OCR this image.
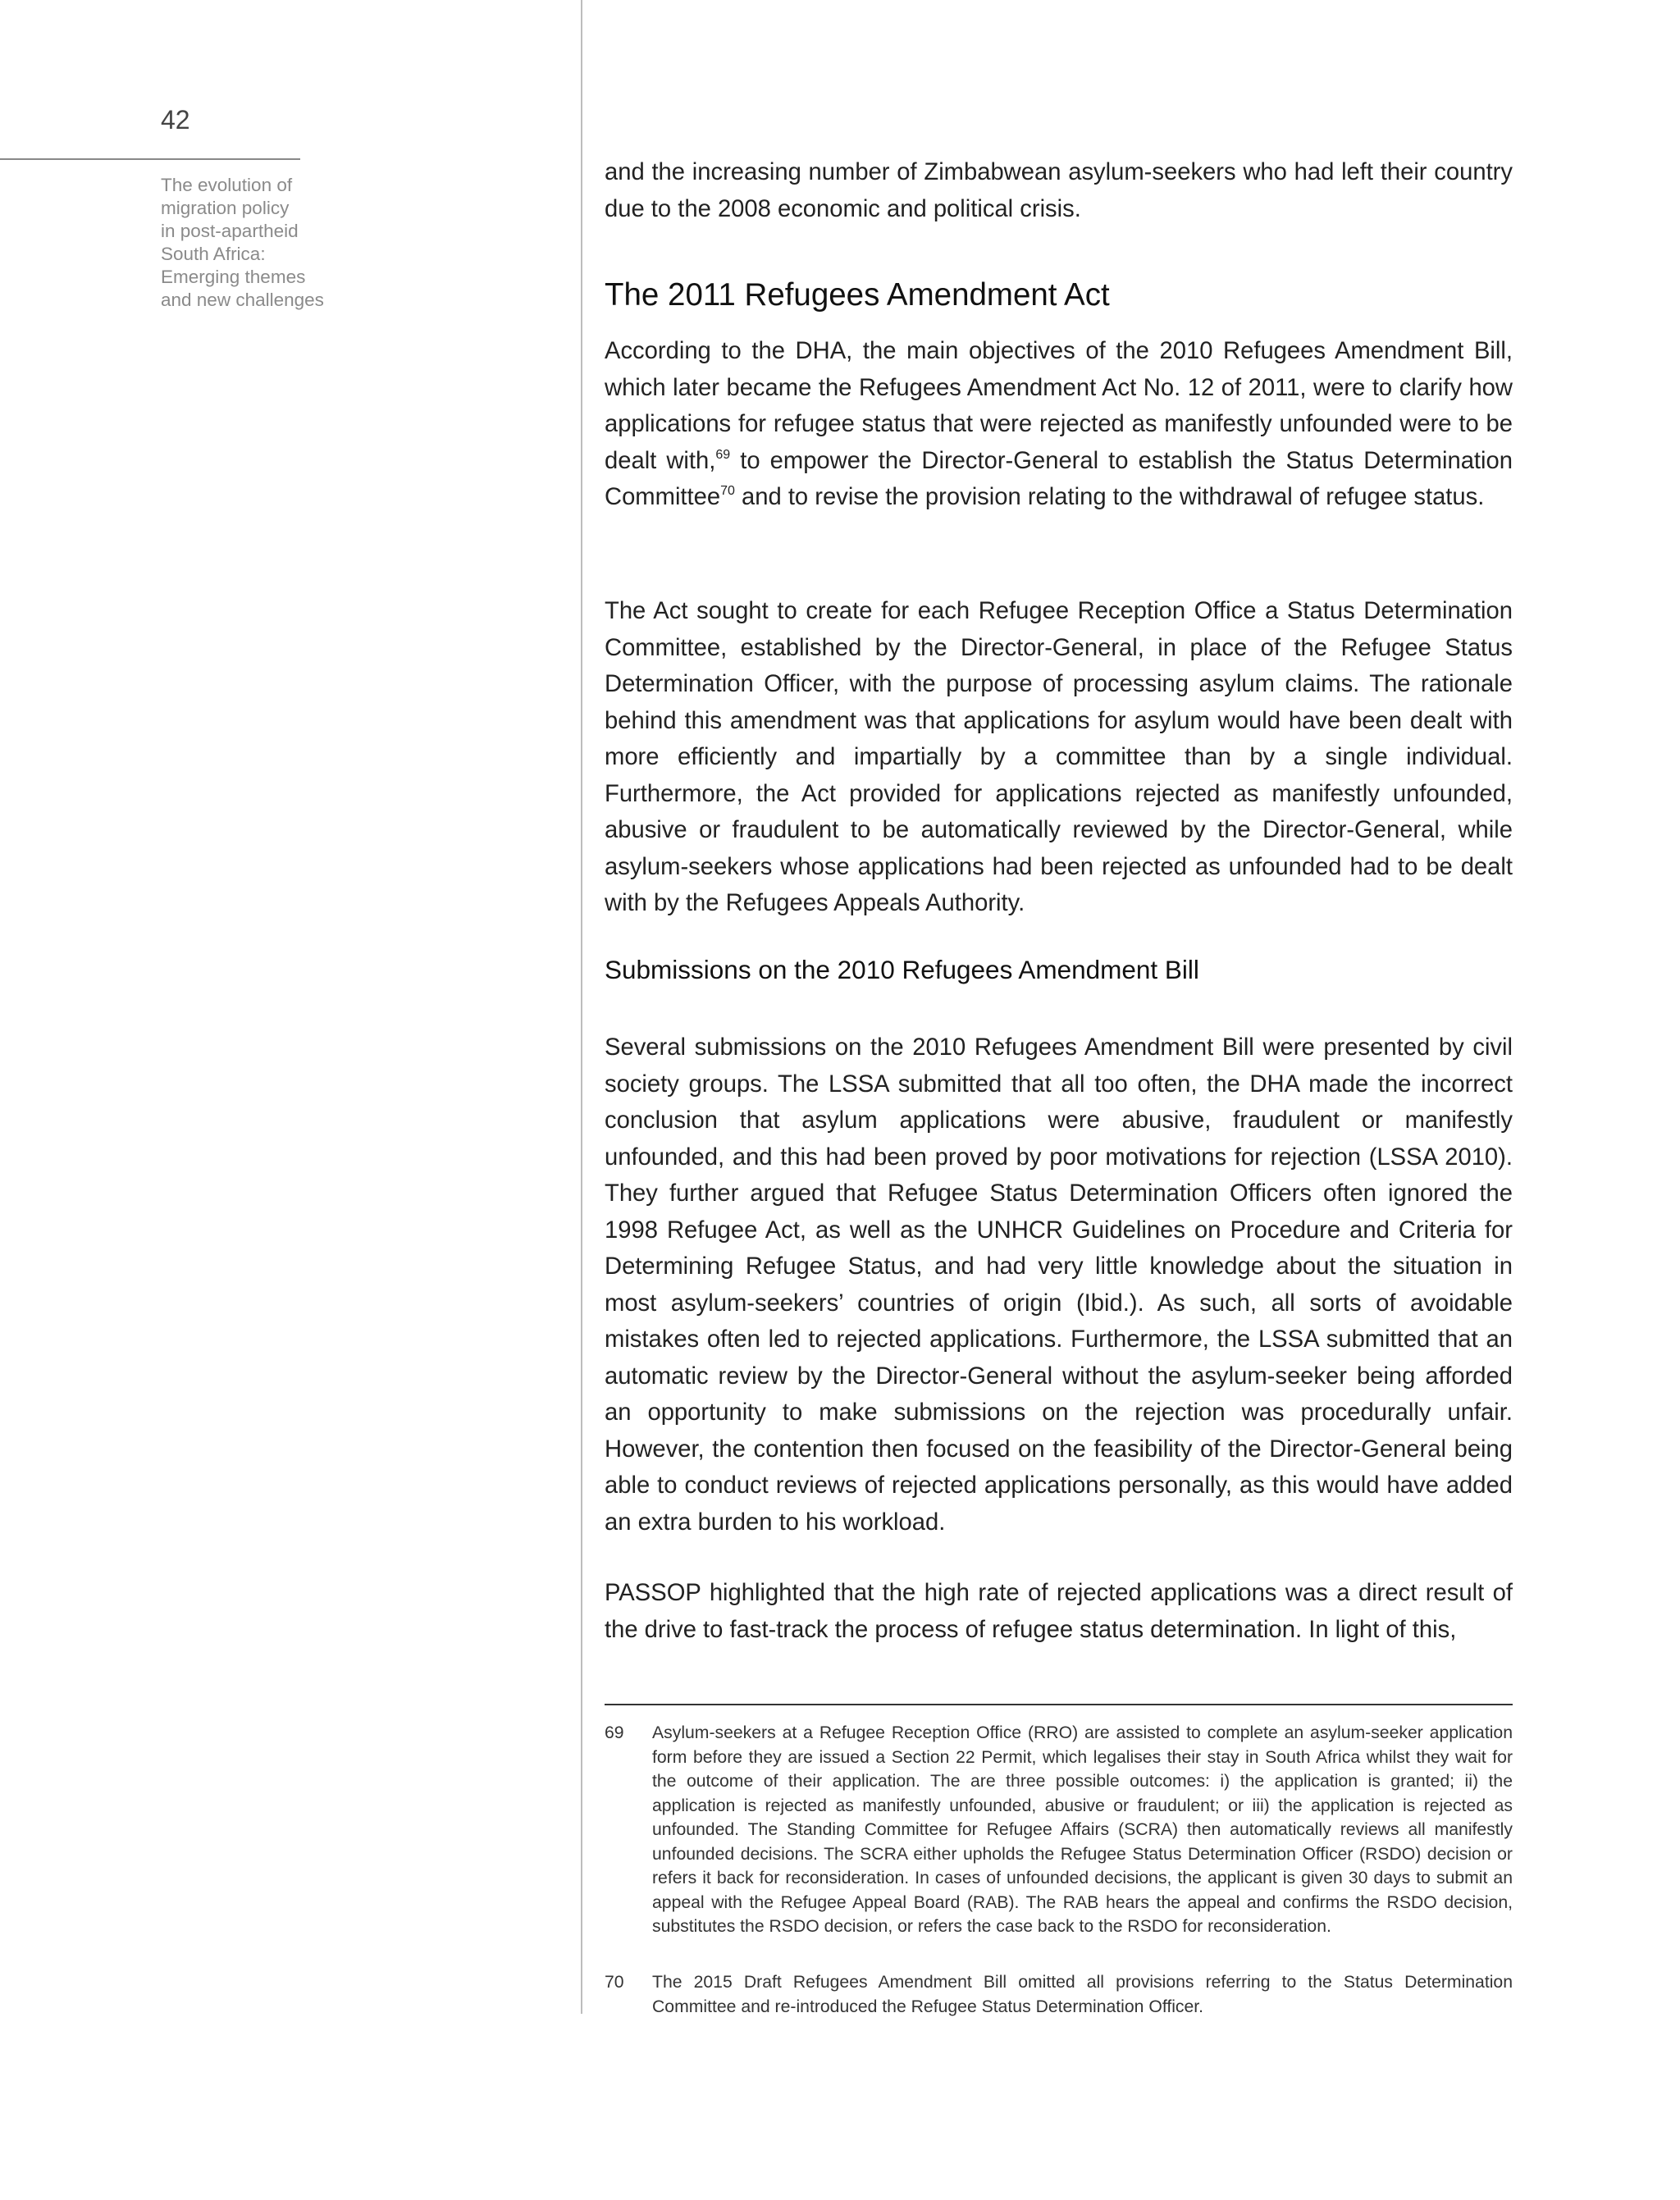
42
The evolution of
migration policy
in post-apartheid
South Africa:
Emerging themes
and new challenges

and the increasing number of Zimbabwean asylum-seekers who had left their country due to the 2008 economic and political crisis.

The 2011 Refugees Amendment Act

According to the DHA, the main objectives of the 2010 Refugees Amendment Bill, which later became the Refugees Amendment Act No. 12 of 2011, were to clarify how applications for refugee status that were rejected as manifestly unfounded were to be dealt with,$^{69}$ to empower the Director-General to establish the Status Determination Committee$^{70}$ and to revise the provision relating to the withdrawal of refugee status.

The Act sought to create for each Refugee Reception Office a Status Determination Committee, established by the Director-General, in place of the Refugee Status Determination Officer, with the purpose of processing asylum claims. The rationale behind this amendment was that applications for asylum would have been dealt with more efficiently and impartially by a committee than by a single individual. Furthermore, the Act provided for applications rejected as manifestly unfounded, abusive or fraudulent to be automatically reviewed by the Director-General, while asylum-seekers whose applications had been rejected as unfounded had to be dealt with by the Refugees Appeals Authority.

Submissions on the 2010 Refugees Amendment Bill

Several submissions on the 2010 Refugees Amendment Bill were presented by civil society groups. The LSSA submitted that all too often, the DHA made the incorrect conclusion that asylum applications were abusive, fraudulent or manifestly unfounded, and this had been proved by poor motivations for rejection (LSSA 2010). They further argued that Refugee Status Determination Officers often ignored the 1998 Refugee Act, as well as the UNHCR Guidelines on Procedure and Criteria for Determining Refugee Status, and had very little knowledge about the situation in most asylum-seekers’ countries of origin (Ibid.). As such, all sorts of avoidable mistakes often led to rejected applications. Furthermore, the LSSA submitted that an automatic review by the Director-General without the asylum-seeker being afforded an opportunity to make submissions on the rejection was procedurally unfair. However, the contention then focused on the feasibility of the Director-General being able to conduct reviews of rejected applications personally, as this would have added an extra burden to his workload.

PASSOP highlighted that the high rate of rejected applications was a direct result of the drive to fast-track the process of refugee status determination. In light of this,

69 Asylum-seekers at a Refugee Reception Office (RRO) are assisted to complete an asylum-seeker application form before they are issued a Section 22 Permit, which legalises their stay in South Africa whilst they wait for the outcome of their application. The are three possible outcomes: i) the application is granted; ii) the application is rejected as manifestly unfounded, abusive or fraudulent; or iii) the application is rejected as unfounded. The Standing Committee for Refugee Affairs (SCRA) then automatically reviews all manifestly unfounded decisions. The SCRA either upholds the Refugee Status Determination Officer (RSDO) decision or refers it back for reconsideration. In cases of unfounded decisions, the applicant is given 30 days to submit an appeal with the Refugee Appeal Board (RAB). The RAB hears the appeal and confirms the RSDO decision, substitutes the RSDO decision, or refers the case back to the RSDO for reconsideration.
70 The 2015 Draft Refugees Amendment Bill omitted all provisions referring to the Status Determination Committee and re-introduced the Refugee Status Determination Officer.
